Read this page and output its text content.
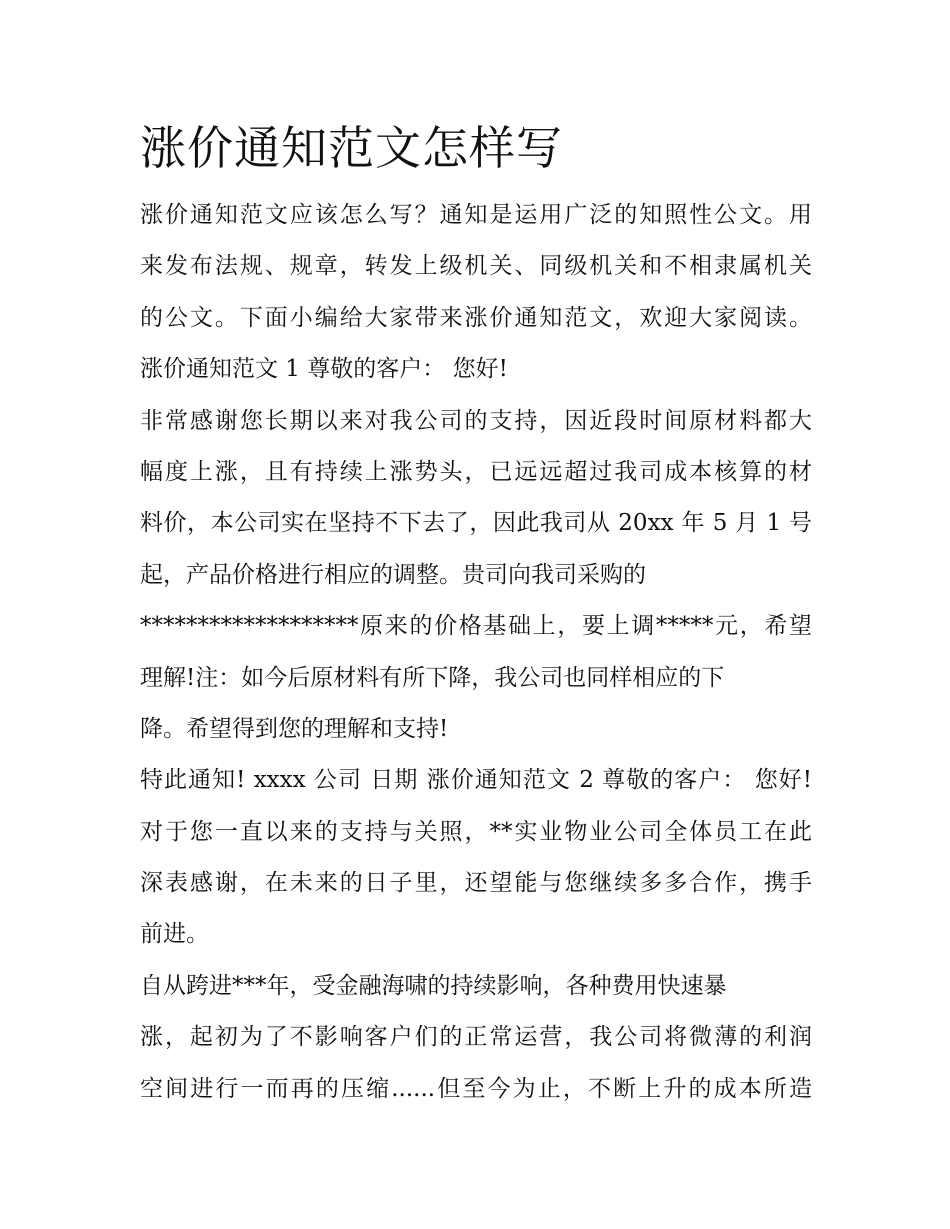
涨价通知范文怎样写
涨价通知范文应该怎么写？通知是运用广泛的知照性公文。用
来发布法规、规章，转发上级机关、同级机关和不相隶属机关
的公文。下面小编给大家带来涨价通知范文，欢迎大家阅读。
涨价通知范文 1 尊敬的客户： 您好!
非常感谢您长期以来对我公司的支持，因近段时间原材料都大
幅度上涨，且有持续上涨势头，已远远超过我司成本核算的材
料价，本公司实在坚持不下去了，因此我司从 20xx 年 5 月 1 号
起，产品价格进行相应的调整。贵司向我司采购的
*******************原来的价格基础上，要上调*****元，希望
理解!注：如今后原材料有所下降，我公司也同样相应的下
降。希望得到您的理解和支持!
特此通知! xxxx 公司 日期 涨价通知范文 2 尊敬的客户： 您好!
对于您一直以来的支持与关照，**实业物业公司全体员工在此
深表感谢，在未来的日子里，还望能与您继续多多合作，携手
前进。
自从跨进***年，受金融海啸的持续影响，各种费用快速暴
涨，起初为了不影响客户们的正常运营，我公司将微薄的利润
空间进行一而再的压缩......但至今为止，不断上升的成本所造
